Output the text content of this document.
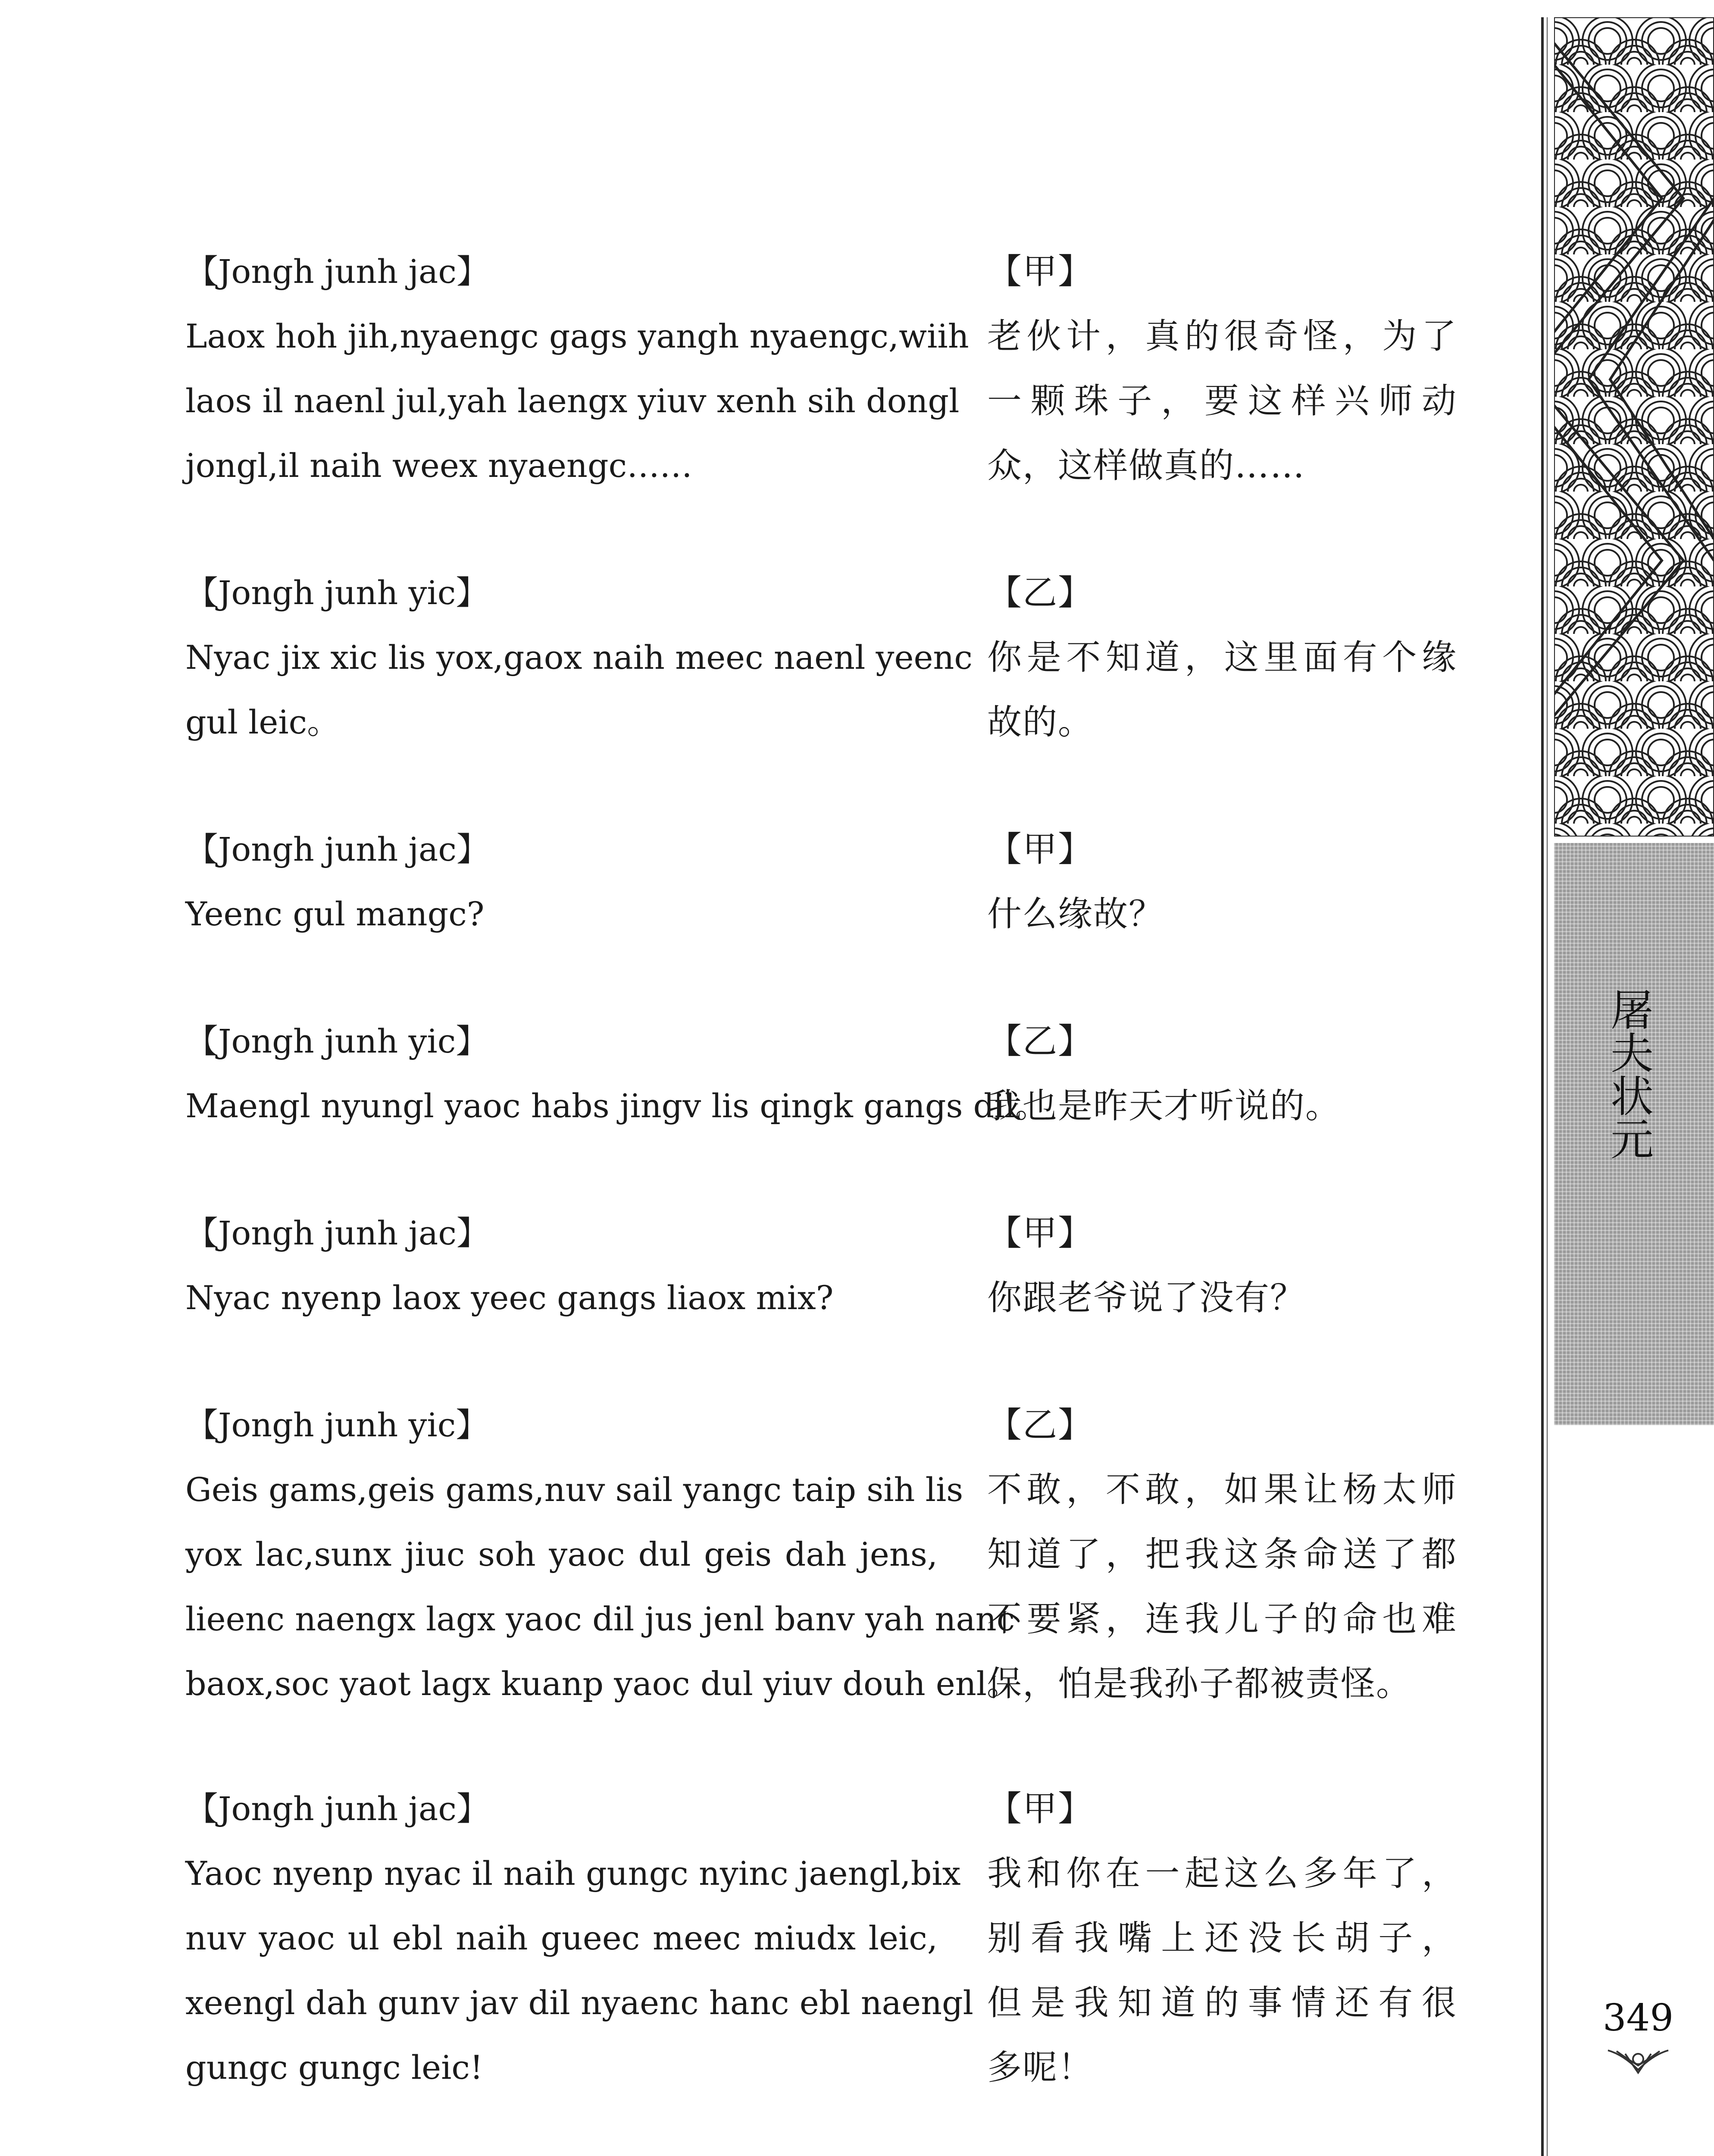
【Jongh junh jac】
Laox hoh jih,nyaengc gags yangh nyaengc,wiih
laos il naenl jul,yah laengx yiuv xenh sih dongl
jongl,il naih weex nyaengc……
【甲】
老伙计，真的很奇怪，为了
一颗珠子，要这样兴师动
众，这样做真的……
【Jongh junh yic】
Nyac jix xic lis yox,gaox naih meec naenl yeenc
gul leic。
【乙】
你是不知道，这里面有个缘
故的。
【Jongh junh jac】
Yeenc gul mangc?
【甲】
什么缘故？
【Jongh junh yic】
Maengl nyungl yaoc habs jingv lis qingk gangs dil。
【乙】
我也是昨天才听说的。
【Jongh junh jac】
Nyac nyenp laox yeec gangs liaox mix?
【甲】
你跟老爷说了没有？
【Jongh junh yic】
Geis gams,geis gams,nuv sail yangc taip sih lis
yox lac,sunx jiuc soh yaoc dul geis dah jens,
lieenc naengx lagx yaoc dil jus jenl banv yah nanc
baox,soc yaot lagx kuanp yaoc dul yiuv douh enl。
【乙】
不敢，不敢，如果让杨太师
知道了，把我这条命送了都
不要紧，连我儿子的命也难
保，怕是我孙子都被责怪。
【Jongh junh jac】
Yaoc nyenp nyac il naih gungc nyinc jaengl,bix
nuv yaoc ul ebl naih gueec meec miudx leic,
xeengl dah gunv jav dil nyaenc hanc ebl naengl
gungc gungc leic!
【甲】
我和你在一起这么多年了，
别看我嘴上还没长胡子，
但是我知道的事情还有很
多呢！
屠夫状元
349
